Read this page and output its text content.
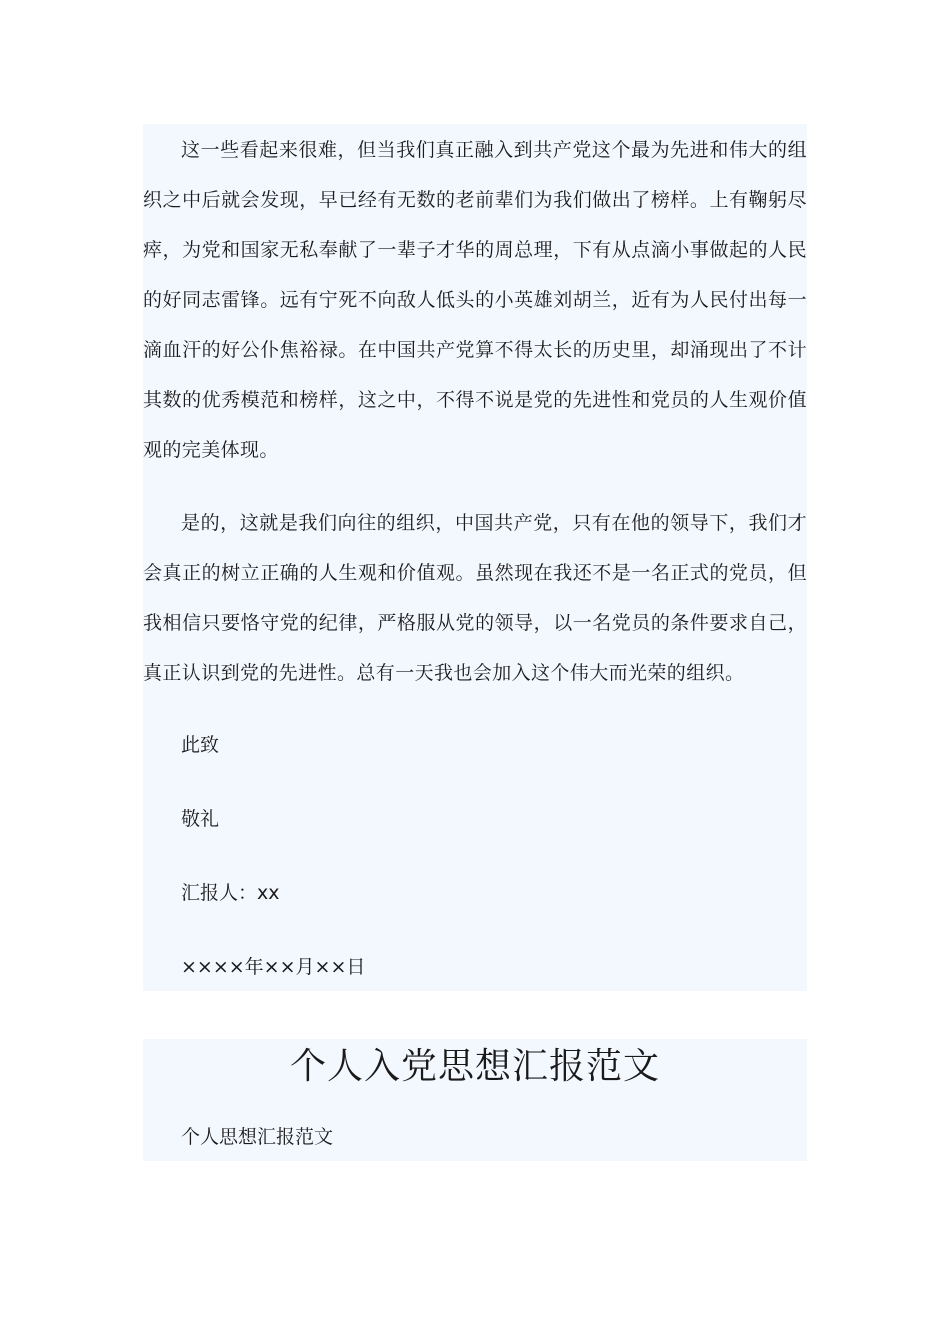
这一些看起来很难，但当我们真正融入到共产党这个最为先进和伟大的组织之中后就会发现，早已经有无数的老前辈们为我们做出了榜样。上有鞠躬尽瘁，为党和国家无私奉献了一辈子才华的周总理，下有从点滴小事做起的人民的好同志雷锋。远有宁死不向敌人低头的小英雄刘胡兰，近有为人民付出每一滴血汗的好公仆焦裕禄。在中国共产党算不得太长的历史里，却涌现出了不计其数的优秀模范和榜样，这之中，不得不说是党的先进性和党员的人生观价值观的完美体现。

是的，这就是我们向往的组织，中国共产党，只有在他的领导下，我们才会真正的树立正确的人生观和价值观。虽然现在我还不是一名正式的党员，但我相信只要恪守党的纪律，严格服从党的领导，以一名党员的条件要求自己，真正认识到党的先进性。总有一天我也会加入这个伟大而光荣的组织。

此致

敬礼

汇报人：xx

××××年××月××日

个人入党思想汇报范文

个人思想汇报范文
